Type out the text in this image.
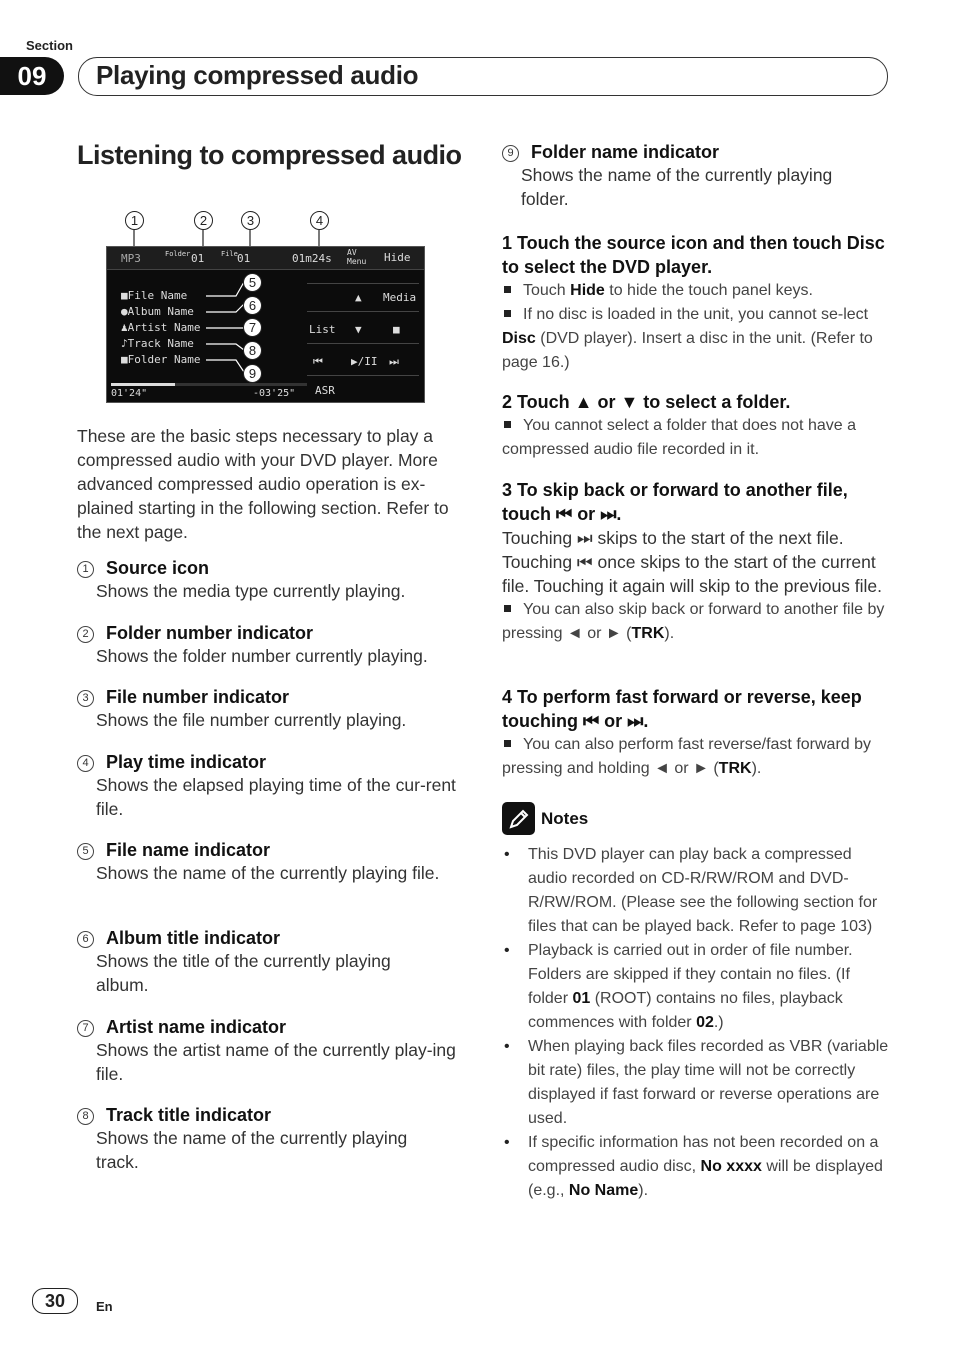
Section
09	Playing compressed audio
Listening to compressed audio
1	2	3	4
MP3	Folder 01 File 01	01m24s AV
Menu Hide
■File Name
●Album Name
♟Artist Name
♪Track Name
■Folder Name
▲ Media
List ▼	■
⏮	▶/II ⏭
01'24"	-03'25" ASR
5
6
7
8
9
These are the basic steps necessary to play a compressed audio with your DVD player. More advanced compressed audio operation is ex-plained starting in the following section. Refer to the next page.
1 Source icon
Shows the media type currently playing.
2 Folder number indicator
Shows the folder number currently playing.
3 File number indicator
Shows the file number currently playing.
4 Play time indicator
Shows the elapsed playing time of the cur-rent file.
5 File name indicator
Shows the name of the currently playing file.
6 Album title indicator
Shows the title of the currently playing album.
7 Artist name indicator
Shows the artist name of the currently play-ing file.
8 Track title indicator
Shows the name of the currently playing track.
9 Folder name indicator
Shows the name of the currently playing folder.
1 Touch the source icon and then touch Disc to select the DVD player.
Touch Hide to hide the touch panel keys.
If no disc is loaded in the unit, you cannot se-lect Disc (DVD player). Insert a disc in the unit. (Refer to page 16.)
2 Touch ▲ or ▼ to select a folder.
You cannot select a folder that does not have a compressed audio file recorded in it.
3 To skip back or forward to another file, touch ⏮ or ⏭.
Touching ⏭ skips to the start of the next file. Touching ⏮ once skips to the start of the current file. Touching it again will skip to the previous file.
You can also skip back or forward to another file by pressing ◄ or ► (TRK).
4 To perform fast forward or reverse, keep touching ⏮ or ⏭.
You can also perform fast reverse/fast forward by pressing and holding ◄ or ► (TRK).
Notes
• This DVD player can play back a compressed audio recorded on CD-R/RW/ROM and DVD-R/RW/ROM. (Please see the following section for files that can be played back. Refer to page 103)
• Playback is carried out in order of file number. Folders are skipped if they contain no files. (If folder 01 (ROOT) contains no files, playback commences with folder 02.)
• When playing back files recorded as VBR (variable bit rate) files, the play time will not be correctly displayed if fast forward or reverse operations are used.
• If specific information has not been recorded on a compressed audio disc, No xxxx will be displayed (e.g., No Name).
30	En
